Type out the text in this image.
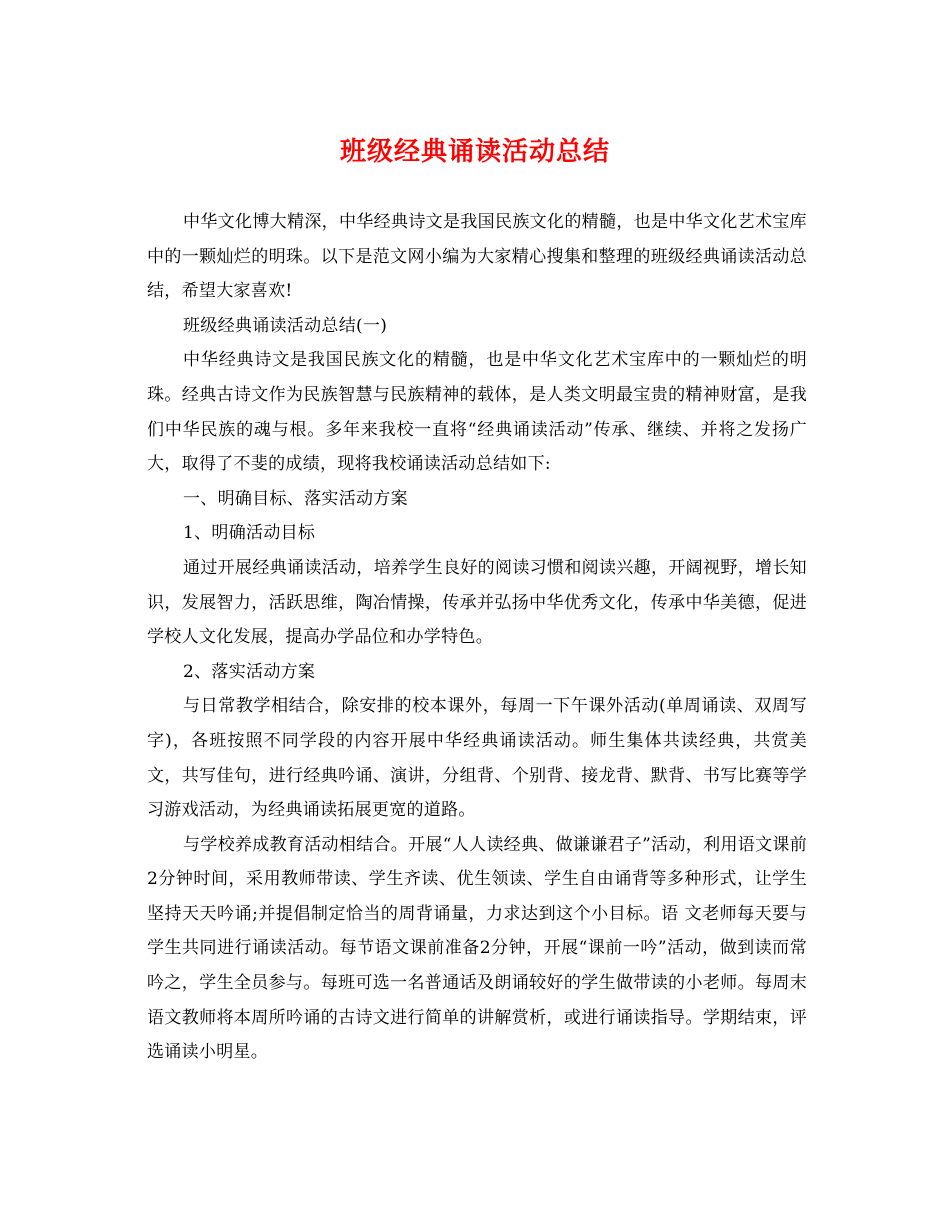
班级经典诵读活动总结

中华文化博大精深，中华经典诗文是我国民族文化的精髓，也是中华文化艺术宝库中的一颗灿烂的明珠。以下是范文网小编为大家精心搜集和整理的班级经典诵读活动总结，希望大家喜欢!

班级经典诵读活动总结(一)

中华经典诗文是我国民族文化的精髓，也是中华文化艺术宝库中的一颗灿烂的明珠。经典古诗文作为民族智慧与民族精神的载体，是人类文明最宝贵的精神财富，是我们中华民族的魂与根。多年来我校一直将“经典诵读活动”传承、继续、并将之发扬广大，取得了不斐的成绩，现将我校诵读活动总结如下:

一、明确目标、落实活动方案

1、明确活动目标

通过开展经典诵读活动，培养学生良好的阅读习惯和阅读兴趣，开阔视野，增长知识，发展智力，活跃思维，陶冶情操，传承并弘扬中华优秀文化，传承中华美德，促进学校人文化发展，提高办学品位和办学特色。

2、落实活动方案

与日常教学相结合，除安排的校本课外，每周一下午课外活动(单周诵读、双周写字)，各班按照不同学段的内容开展中华经典诵读活动。师生集体共读经典，共赏美文，共写佳句，进行经典吟诵、演讲，分组背、个别背、接龙背、默背、书写比赛等学习游戏活动，为经典诵读拓展更宽的道路。

与学校养成教育活动相结合。开展“人人读经典、做谦谦君子”活动，利用语文课前2分钟时间，采用教师带读、学生齐读、优生领读、学生自由诵背等多种形式，让学生坚持天天吟诵;并提倡制定恰当的周背诵量，力求达到这个小目标。语 文老师每天要与学生共同进行诵读活动。每节语文课前准备2分钟，开展“课前一吟”活动，做到读而常吟之，学生全员参与。每班可选一名普通话及朗诵较好的学生做带读的小老师。每周末语文教师将本周所吟诵的古诗文进行简单的讲解赏析，或进行诵读指导。学期结束，评选诵读小明星。
